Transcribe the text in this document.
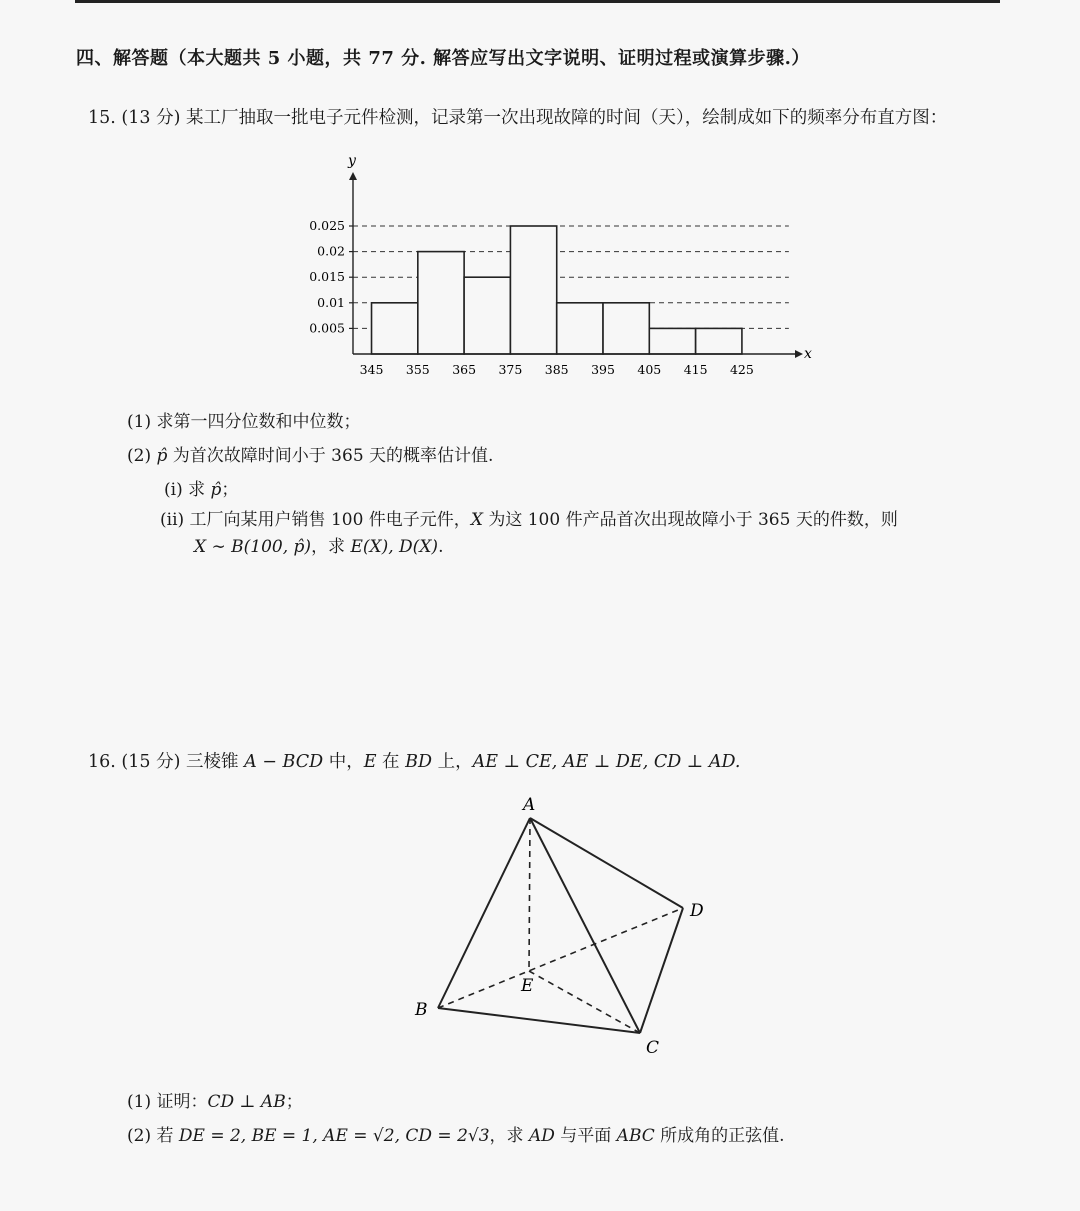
四、解答题（本大题共 5 小题，共 77 分. 解答应写出文字说明、证明过程或演算步骤.）
15. (13 分) 某工厂抽取一批电子元件检测，记录第一次出现故障的时间（天），绘制成如下的频率分布直方图：
x
y
0.005
0.01
0.015
0.02
0.025
345 355 365 375 385 395 405 415 425
(1) 求第一四分位数和中位数；
(2) p̂ 为首次故障时间小于 365 天的概率估计值.
(i) 求 p̂；
(ii) 工厂向某用户销售 100 件电子元件，X 为这 100 件产品首次出现故障小于 365 天的件数，则
X ∼ B(100, p̂)，求 E(X), D(X).
16. (15 分) 三棱锥 A − BCD 中，E 在 BD 上，AE ⊥ CE, AE ⊥ DE, CD ⊥ AD.
A
B
C
D
E
(1) 证明：CD ⊥ AB；
(2) 若 DE = 2, BE = 1, AE = √2, CD = 2√3，求 AD 与平面 ABC 所成角的正弦值.
